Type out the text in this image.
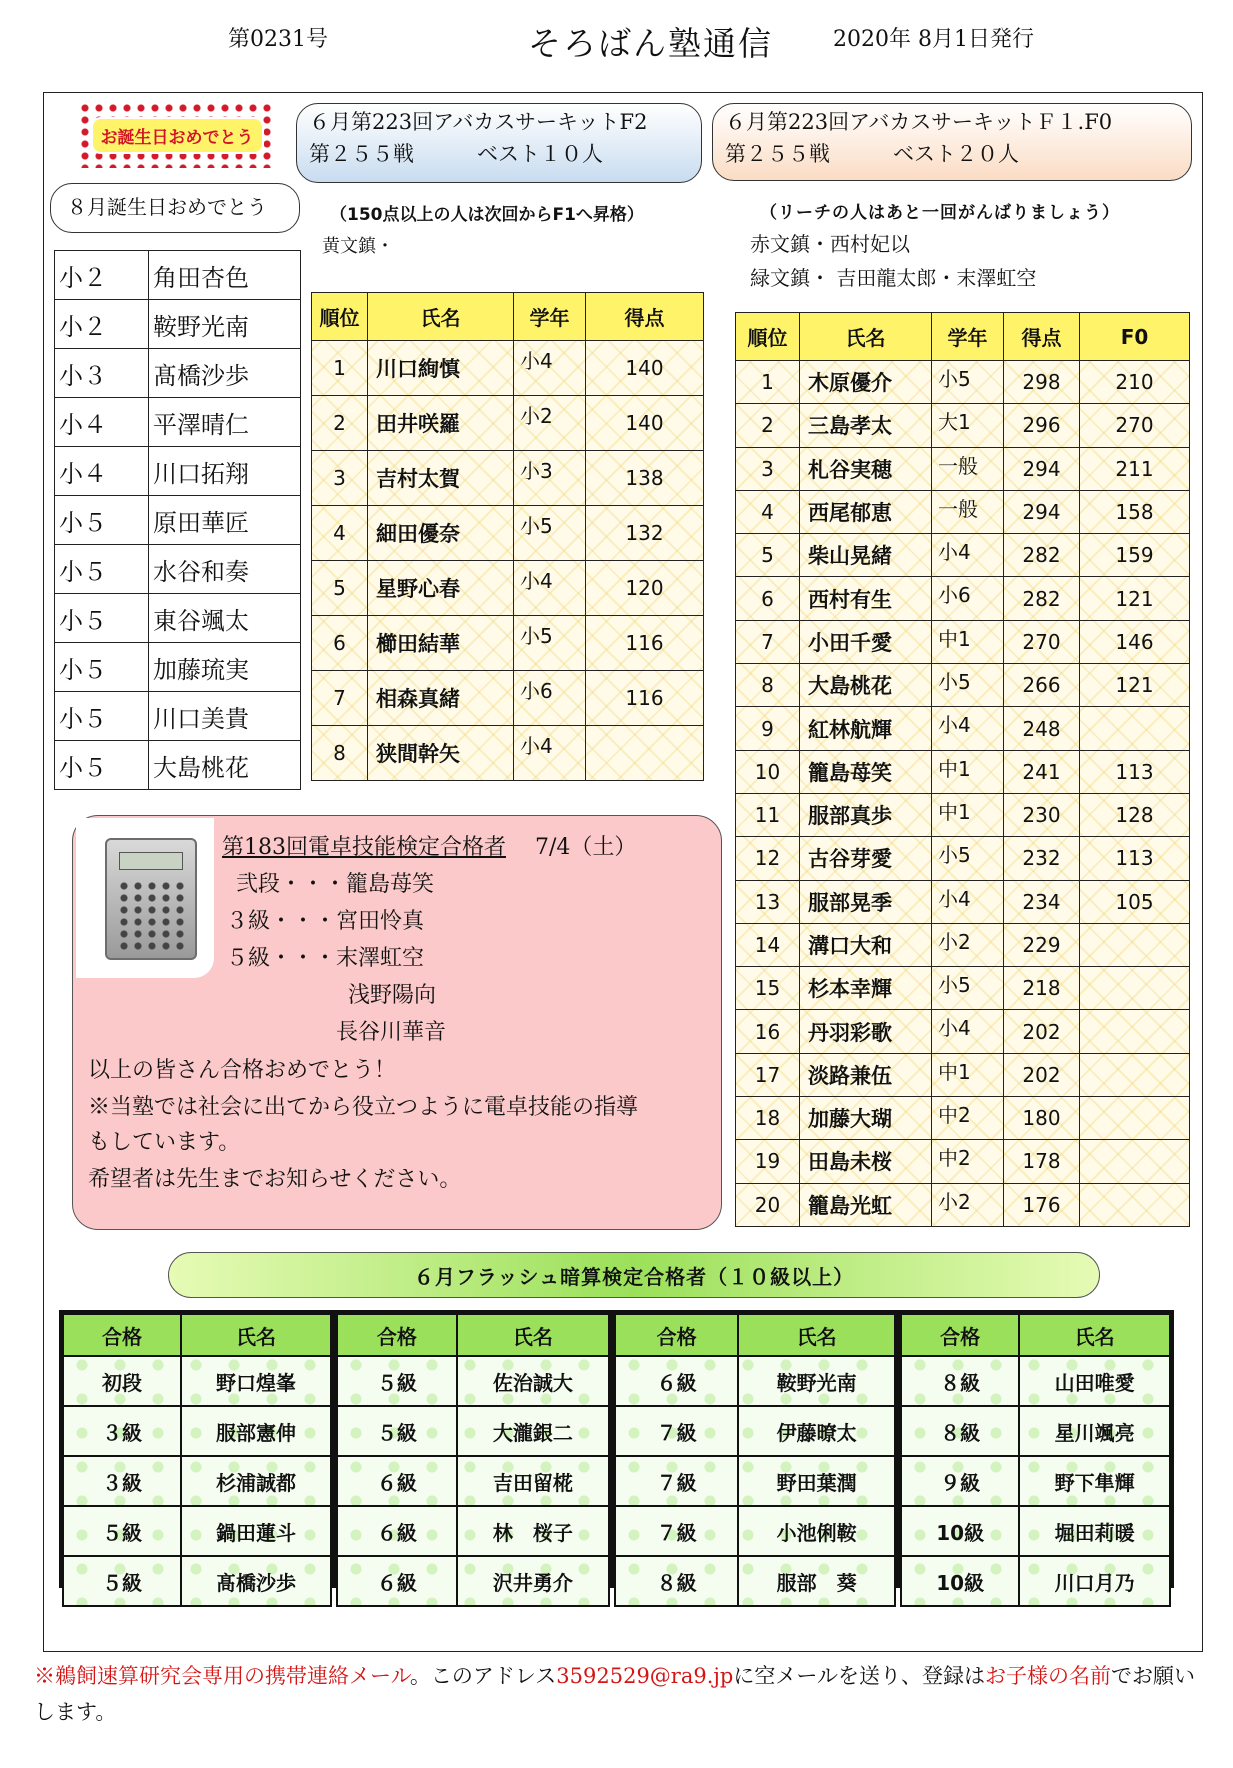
第0231号	そろばん塾通信	2020年 8月1日発行
お誕生日おめでとう
６月第223回アバカスサーキットF2
第２５５戦　　　ベスト１０人
６月第223回アバカスサーキットＦ１.F0
第２５５戦　　　ベスト２０人
８月誕生日おめでとう
小２	角田杏色
小２	鞍野光南
小３	髙橋沙歩
小４	平澤晴仁
小４	川口拓翔
小５	原田華匠
小５	水谷和奏
小５	東谷颯太
小５	加藤琉実
小５	川口美貴
小５	大島桃花
（150点以上の人は次回からF1へ昇格）
黄文鎮・
（リーチの人はあと一回がんばりましょう）
赤文鎮・西村妃以
緑文鎮・ 吉田龍太郎・末澤虹空
順位	氏名	学年	得点
1	川口絢慎	小4	140
2	田井咲羅	小2	140
3	吉村太賀	小3	138
4	細田優奈	小5	132
5	星野心春	小4	120
6	櫛田結華	小5	116
7	相森真緒	小6	116
8	狭間幹矢	小4	
順位	氏名	学年	得点	F0
1	木原優介	小5	298	210
2	三島孝太	大1	296	270
3	札谷実穂	一般	294	211
4	西尾郁恵	一般	294	158
5	柴山晃緒	小4	282	159
6	西村有生	小6	282	121
7	小田千愛	中1	270	146
8	大島桃花	小5	266	121
9	紅林航輝	小4	248	
10	籠島苺笑	中1	241	113
11	服部真歩	中1	230	128
12	古谷芽愛	小5	232	113
13	服部晃季	小4	234	105
14	溝口大和	小2	229	
15	杉本幸輝	小5	218	
16	丹羽彩歌	小4	202	
17	淡路兼伍	中1	202	
18	加藤大瑚	中2	180	
19	田島未桜	中2	178	
20	籠島光虹	小2	176	
第183回電卓技能検定合格者 7/4（土）
弐段・・・籠島苺笑
３級・・・宮田怜真
５級・・・末澤虹空
浅野陽向
長谷川華音
以上の皆さん合格おめでとう！
※当塾では社会に出てから役立つように電卓技能の指導
もしています。
希望者は先生までお知らせください。
６月フラッシュ暗算検定合格者（１０級以上）
合格	氏名
初段	野口煌峯
３級	服部憲伸
３級	杉浦誠都
５級	鍋田蓮斗
５級	髙橋沙歩
合格	氏名
５級	佐治誠大
５級	大瀧銀二
６級	吉田留椛
６級	林　桜子
６級	沢井勇介
合格	氏名
６級	鞍野光南
７級	伊藤暸太
７級	野田葉潤
７級	小池俐鞍
８級	服部　葵
合格	氏名
８級	山田唯愛
８級	星川颯亮
９級	野下隼輝
10級	堀田莉暖
10級	川口月乃
※鵜飼速算研究会専用の携帯連絡メール。このアドレス3592529@ra9.jpに空メールを送り、登録はお子様の名前でお願いします。
